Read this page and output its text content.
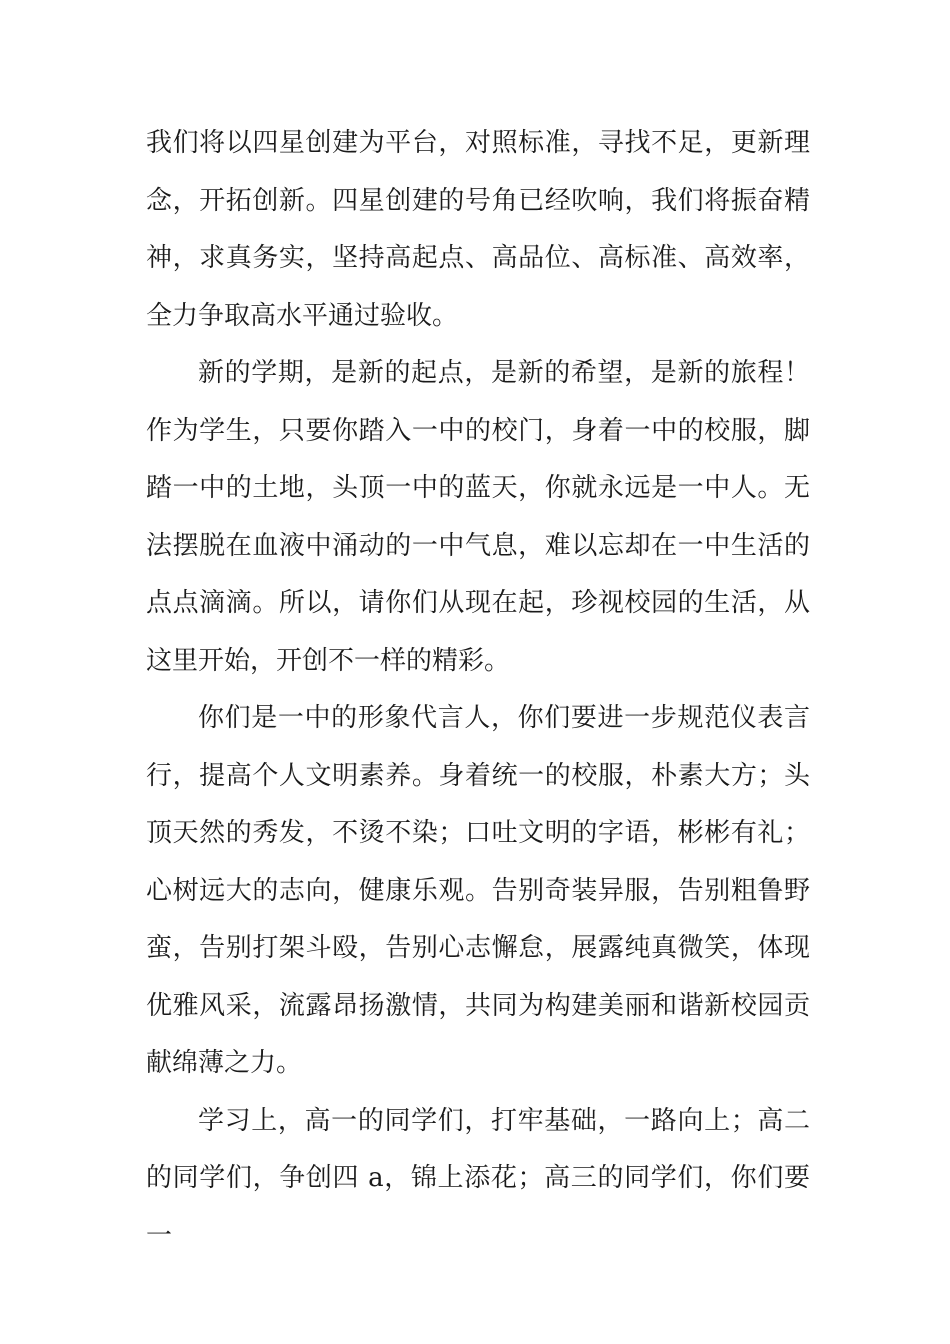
我们将以四星创建为平台，对照标准，寻找不足，更新理念，开拓创新。四星创建的号角已经吹响，我们将振奋精神，求真务实，坚持高起点、高品位、高标准、高效率，全力争取高水平通过验收。

新的学期，是新的起点，是新的希望，是新的旅程！作为学生，只要你踏入一中的校门，身着一中的校服，脚踏一中的土地，头顶一中的蓝天，你就永远是一中人。无法摆脱在血液中涌动的一中气息，难以忘却在一中生活的点点滴滴。所以，请你们从现在起，珍视校园的生活，从这里开始，开创不一样的精彩。

你们是一中的形象代言人，你们要进一步规范仪表言行，提高个人文明素养。身着统一的校服，朴素大方；头顶天然的秀发，不烫不染；口吐文明的字语，彬彬有礼；心树远大的志向，健康乐观。告别奇装异服，告别粗鲁野蛮，告别打架斗殴，告别心志懈怠，展露纯真微笑，体现优雅风采，流露昂扬激情，共同为构建美丽和谐新校园贡献绵薄之力。

学习上，高一的同学们，打牢基础，一路向上；高二的同学们，争创四 a，锦上添花；高三的同学们，你们要一
